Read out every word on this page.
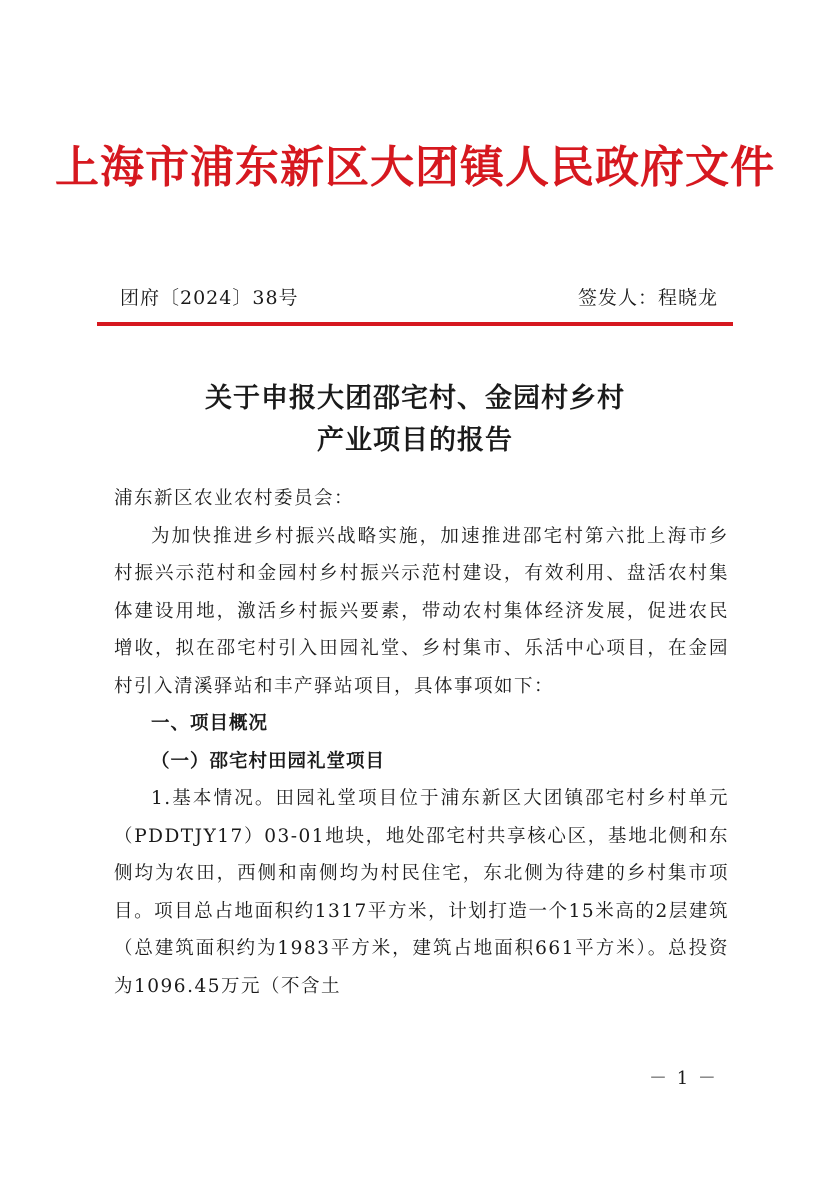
上海市浦东新区大团镇人民政府文件
团府〔2024〕38号	签发人：程晓龙
关于申报大团邵宅村、金园村乡村
产业项目的报告

浦东新区农业农村委员会：

为加快推进乡村振兴战略实施，加速推进邵宅村第六批上海市乡村振兴示范村和金园村乡村振兴示范村建设，有效利用、盘活农村集体建设用地，激活乡村振兴要素，带动农村集体经济发展，促进农民增收，拟在邵宅村引入田园礼堂、乡村集市、乐活中心项目，在金园村引入清溪驿站和丰产驿站项目，具体事项如下：

一、项目概况

（一）邵宅村田园礼堂项目

1.基本情况。田园礼堂项目位于浦东新区大团镇邵宅村乡村单元（PDDTJY17）03-01地块，地处邵宅村共享核心区，基地北侧和东侧均为农田，西侧和南侧均为村民住宅，东北侧为待建的乡村集市项目。项目总占地面积约1317平方米，计划打造一个15米高的2层建筑（总建筑面积约为1983平方米，建筑占地面积661平方米）。总投资为1096.45万元（不含土

－ 1 －
